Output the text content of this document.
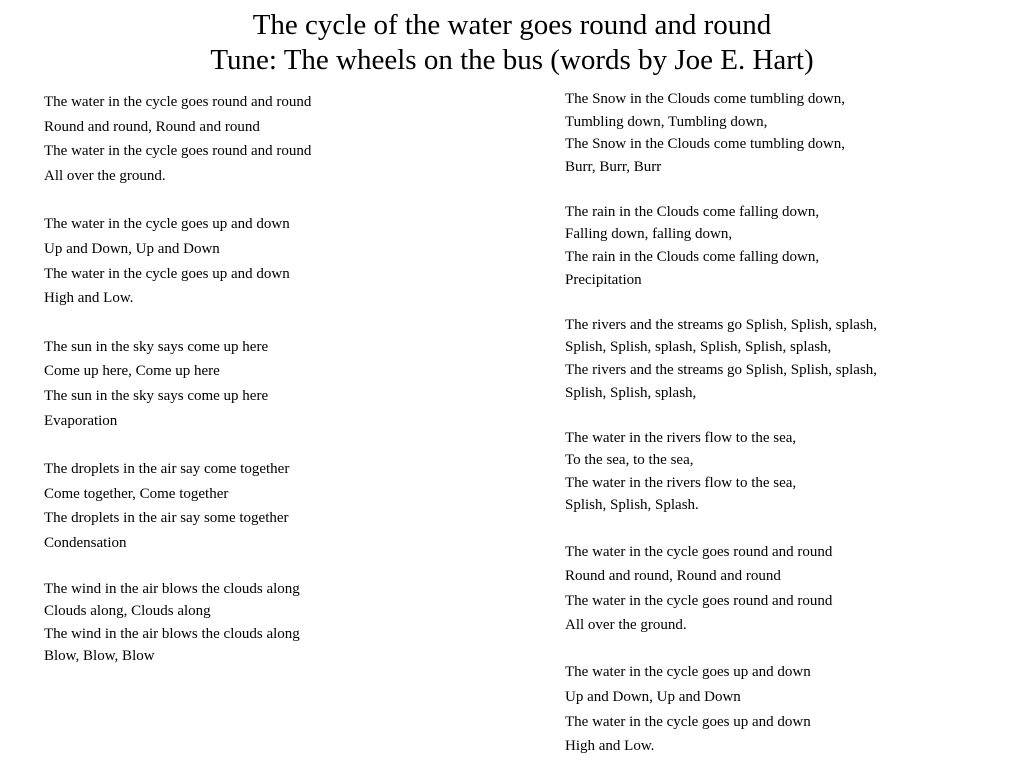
The cycle of the water goes round and round
Tune: The wheels on the bus (words by Joe E. Hart)
The water in the cycle goes round and round
Round and round, Round and round
The water in the cycle goes round and round
All over the ground.
The water in the cycle goes up and down
Up and Down, Up and Down
The water in the cycle goes up and down
High and Low.
The sun in the sky says come up here
Come up here, Come up here
The sun in the sky says come up here
Evaporation
The droplets in the air say come together
Come together, Come together
The droplets in the air say some together
Condensation
The wind in the air blows the clouds along
Clouds along, Clouds along
The wind in the air blows the clouds along
Blow, Blow, Blow
The Snow in the Clouds come tumbling down,
Tumbling down, Tumbling down,
The Snow in the Clouds come tumbling down,
Burr, Burr, Burr
The rain in the Clouds come falling down,
Falling down, falling down,
The rain in the Clouds come falling down,
Precipitation
The rivers and the streams go Splish, Splish, splash,
Splish, Splish, splash, Splish, Splish, splash,
The rivers and the streams go Splish, Splish, splash,
Splish, Splish, splash,
The water in the rivers flow to the sea,
To the sea, to the sea,
The water in the rivers flow to the sea,
Splish, Splish, Splash.
The water in the cycle goes round and round
Round and round, Round and round
The water in the cycle goes round and round
All over the ground.
The water in the cycle goes up and down
Up and Down, Up and Down
The water in the cycle goes up and down
High and Low.
